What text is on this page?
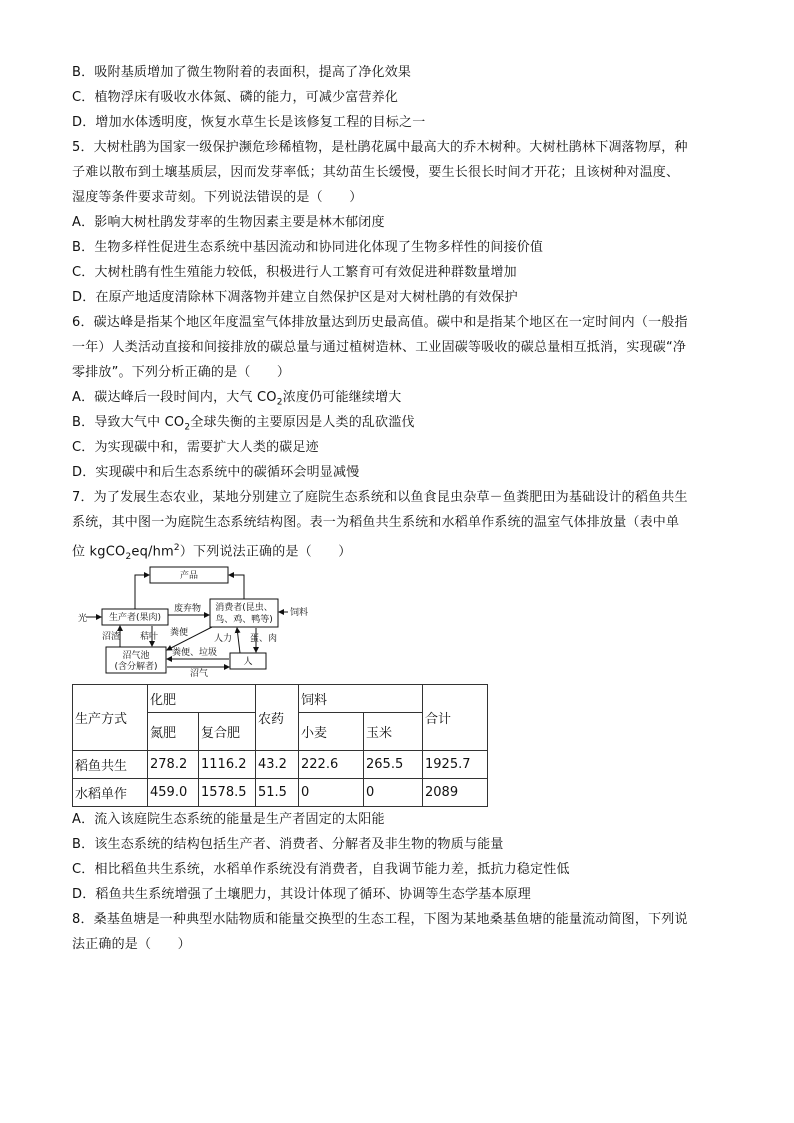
B．吸附基质增加了微生物附着的表面积，提高了净化效果
C．植物浮床有吸收水体氮、磷的能力，可减少富营养化
D．增加水体透明度，恢复水草生长是该修复工程的目标之一
5．大树杜鹃为国家一级保护濒危珍稀植物，是杜鹃花属中最高大的乔木树种。大树杜鹃林下凋落物厚，种
子难以散布到土壤基质层，因而发芽率低；其幼苗生长缓慢，要生长很长时间才开花；且该树种对温度、
湿度等条件要求苛刻。下列说法错误的是（　　）
A．影响大树杜鹃发芽率的生物因素主要是林木郁闭度
B．生物多样性促进生态系统中基因流动和协同进化体现了生物多样性的间接价值
C．大树杜鹃有性生殖能力较低，积极进行人工繁育可有效促进种群数量增加
D．在原产地适度清除林下凋落物并建立自然保护区是对大树杜鹃的有效保护
6．碳达峰是指某个地区年度温室气体排放量达到历史最高值。碳中和是指某个地区在一定时间内（一般指
一年）人类活动直接和间接排放的碳总量与通过植树造林、工业固碳等吸收的碳总量相互抵消，实现碳“净
零排放”。下列分析正确的是（　　）
A．碳达峰后一段时间内，大气 $CO_2$浓度仍可能继续增大
B．导致大气中 $CO_2$全球失衡的主要原因是人类的乱砍滥伐
C．为实现碳中和，需要扩大人类的碳足迹
D．实现碳中和后生态系统中的碳循环会明显减慢
7．为了发展生态农业，某地分别建立了庭院生态系统和以鱼食昆虫杂草－鱼粪肥田为基础设计的稻鱼共生
系统，其中图一为庭院生态系统结构图。表一为稻鱼共生系统和水稻单作系统的温室气体排放量（表中单
位 $kgCO_2eq/hm^2$）下列说法正确的是（　　）
产品
光 生产者(果肉)
废弃物 消费者(昆虫、
鸟、鸡、鸭等)
饲料
沼渣 秸叶 粪便
人力 蛋、肉
沼气池
(含分解者)
粪便、垃圾
人
沼气
生产方式	化肥		农药	饲料		合计
	氮肥	复合肥		小麦	玉米	
稻鱼共生	278.2	1116.2	43.2	222.6	265.5	1925.7
水稻单作	459.0	1578.5	51.5	0	0	2089
A．流入该庭院生态系统的能量是生产者固定的太阳能
B．该生态系统的结构包括生产者、消费者、分解者及非生物的物质与能量
C．相比稻鱼共生系统，水稻单作系统没有消费者，自我调节能力差，抵抗力稳定性低
D．稻鱼共生系统增强了土壤肥力，其设计体现了循环、协调等生态学基本原理
8．桑基鱼塘是一种典型水陆物质和能量交换型的生态工程，下图为某地桑基鱼塘的能量流动简图，下列说
法正确的是（　　）
